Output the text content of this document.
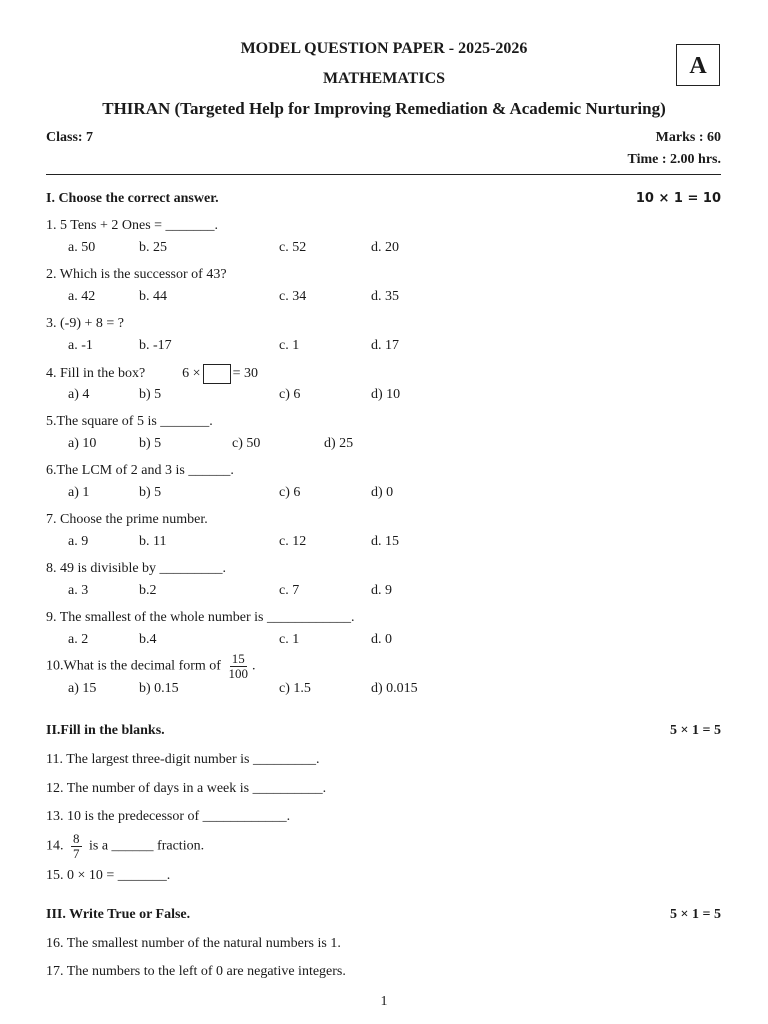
MODEL QUESTION PAPER - 2025-2026
MATHEMATICS
THIRAN (Targeted Help for Improving Remediation & Academic Nurturing)
A
Class: 7	Marks : 60
Time : 2.00 hrs.
I. Choose the correct answer.	10 × 1 = 10
1. 5 Tens + 2 Ones = _______.
a. 50	b. 25	c. 52	d. 20
2. Which is the successor of 43?
a. 42	b. 44	c. 34	d. 35
3. (-9) + 8 = ?
a. -1	b. -17	c. 1	d. 17
4. Fill in the box?	6 × = 30
a) 4	b) 5	c) 6	d) 10
5.The square of 5 is _______.
a) 10	b) 5	c) 50	d) 25
6.The LCM of 2 and 3 is ______.
a) 1	b) 5	c) 6	d) 0
7. Choose the prime number.
a. 9	b. 11	c. 12	d. 15
8. 49 is divisible by _________.
a. 3	b.2	c. 7	d. 9
9. The smallest of the whole number is ____________.
a. 2	b.4	c. 1	d. 0
10.What is the decimal form of $\frac{15}{100}$ .
a) 15	b) 0.15	c) 1.5	d) 0.015
II.Fill in the blanks.	5 × 1 = 5
11. The largest three-digit number is _________.
12. The number of days in a week is __________.
13. 10 is the predecessor of ____________.
14. $\frac{8}{7}$ is a ______ fraction.
15. 0 × 10 = _______.
III. Write True or False.	5 × 1 = 5
16. The smallest number of the natural numbers is 1.
17. The numbers to the left of 0 are negative integers.
1
